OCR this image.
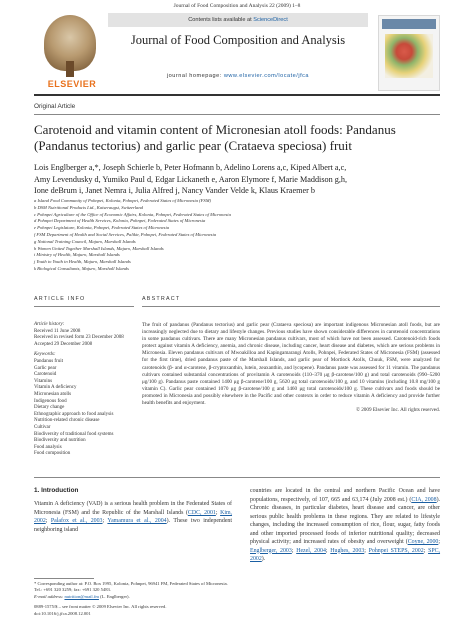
Journal of Food Composition and Analysis 22 (2009) 1–8
ELSEVIER
Contents lists available at ScienceDirect
Journal of Food Composition and Analysis
journal homepage: www.elsevier.com/locate/jfca
Original Article
Carotenoid and vitamin content of Micronesian atoll foods: Pandanus
(Pandanus tectorius) and garlic pear (Crataeva speciosa) fruit
Lois Englberger a,*, Joseph Schierle b, Peter Hofmann b, Adelino Lorens a,c, Kiped Albert a,c,
Amy Levendusky d, Yumiko Paul d, Edgar Lickaneth e, Aaron Elymore f, Marie Maddison g,h,
Ione deBrum i, Janet Nemra i, Julia Alfred j, Nancy Vander Velde k, Klaus Kraemer b
a Island Food Community of Pohnpei, Kolonia, Pohnpei, Federated States of Micronesia (FSM)
b DSM Nutritional Products Ltd., Kaiseraugst, Switzerland
c Pohnpei Agriculture of the Office of Economic Affairs, Kolonia, Pohnpei, Federated States of Micronesia
d Pohnpei Department of Health Services, Kolonia, Pohnpei, Federated States of Micronesia
e Pohnpei Legislature, Kolonia, Pohnpei, Federated States of Micronesia
f FSM Department of Health and Social Services, Palikir, Pohnpei, Federated States of Micronesia
g National Training Council, Majuro, Marshall Islands
h Women United Together Marshall Islands, Majuro, Marshall Islands
i Ministry of Health, Majuro, Marshall Islands
j Youth to Youth in Health, Majuro, Marshall Islands
k Biological Consultants, Majuro, Marshall Islands
ARTICLE INFO	ABSTRACT
Article history:
Received 11 June 2008
Received in revised form 23 December 2008
Accepted 29 December 2008
Keywords:
Pandanus fruit
Garlic pear
Carotenoid
Vitamins
Vitamin A deficiency
Micronesian atolls
Indigenous food
Dietary change
Ethnographic approach to food analysis
Nutrition-related chronic disease
Cultivar
Biodiversity of traditional food systems
Biodiversity and nutrition
Food analysis
Food composition
The fruit of pandanus (Pandanus tectorius) and garlic pear (Crataeva speciosa) are important indigenous Micronesian atoll foods, but are increasingly neglected due to dietary and lifestyle changes. Previous studies have shown considerable differences in carotenoid concentrations in some pandanus cultivars. There are many Micronesian pandanus cultivars, most of which have not been assessed. Carotenoid-rich foods protect against vitamin A deficiency, anemia, and chronic disease, including cancer, heart disease and diabetes, which are serious problems in Micronesia. Eleven pandanus cultivars of Mwoakilloa and Kapingamarangi Atolls, Pohnpei, Federated States of Micronesia (FSM) (assessed for the first time), dried pandanus paste of the Marshall Islands, and garlic pear of Mortlock Atolls, Chuuk, FSM, were analyzed for carotenoids (β- and α-carotene, β-cryptoxanthin, lutein, zeaxanthin, and lycopene). Pandanus paste was assessed for 11 vitamin. The pandanus cultivars contained substantial concentrations of provitamin A carotenoids (110–370 μg β-carotene/100 g) and total carotenoids (990–5200 μg/100 g). Pandanus paste contained 1400 μg β-carotene/100 g, 5620 μg total carotenoids/100 g, and 10 vitamins (including 10.8 mg/100 g vitamin C). Garlic pear contained 1070 μg β-carotene/100 g and 1460 μg total carotenoids/100 g. These cultivars and foods should be promoted in Micronesia and possibly elsewhere in the Pacific and other contexts in order to reduce vitamin A deficiency and provide further health benefits and enjoyment.
© 2009 Elsevier Inc. All rights reserved.
1. Introduction
Vitamin A deficiency (VAD) is a serious health problem in the Federated States of Micronesia (FSM) and the Republic of the Marshall Islands (CDC, 2001; Kim, 2002; Palafox et al., 2003; Yamamura et al., 2004). These two independent neighboring island
countries are located in the central and northern Pacific Ocean and have populations, respectively, of 107, 665 and 63,174 (July 2008 est.) (CIA, 2008). Chronic diseases, in particular diabetes, heart disease and cancer, are other serious public health problems in these regions. They are related to lifestyle changes, including the increased consumption of rice, flour, sugar, fatty foods and other imported processed foods of inferior nutritional quality; decreased physical activity; and increased rates of obesity and overweight (Coyne, 2000; Englberger, 2003; Hezel, 2004; Hughes, 2003; Pohnpei STEPS, 2002; SPC, 2002).
* Corresponding author at: P.O. Box 1995, Kolonia, Pohnpei, 96941 FM, Federated States of Micronesia. Tel.: +691 320 3259; fax: +691 320 5483.
E-mail address: nutrition@mail.fm (L. Englberger).
0889-1575/$ – see front matter © 2009 Elsevier Inc. All rights reserved.
doi:10.1016/j.jfca.2008.12.001
